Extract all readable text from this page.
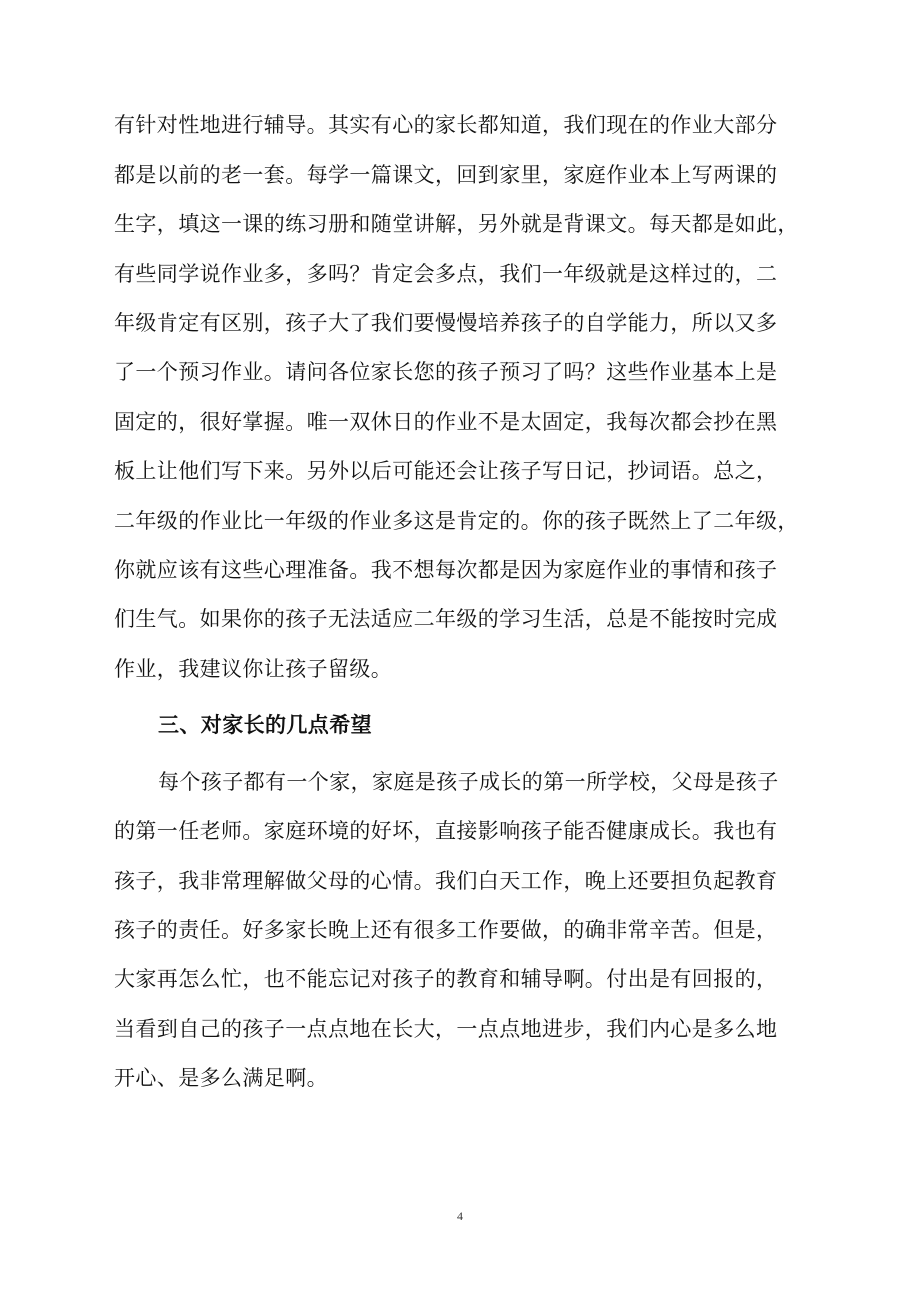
有针对性地进行辅导。其实有心的家长都知道，我们现在的作业大部分
都是以前的老一套。每学一篇课文，回到家里，家庭作业本上写两课的
生字，填这一课的练习册和随堂讲解，另外就是背课文。每天都是如此，
有些同学说作业多，多吗？肯定会多点，我们一年级就是这样过的，二
年级肯定有区别，孩子大了我们要慢慢培养孩子的自学能力，所以又多
了一个预习作业。请问各位家长您的孩子预习了吗？这些作业基本上是
固定的，很好掌握。唯一双休日的作业不是太固定，我每次都会抄在黑
板上让他们写下来。另外以后可能还会让孩子写日记，抄词语。总之，
二年级的作业比一年级的作业多这是肯定的。你的孩子既然上了二年级，
你就应该有这些心理准备。我不想每次都是因为家庭作业的事情和孩子
们生气。如果你的孩子无法适应二年级的学习生活，总是不能按时完成
作业，我建议你让孩子留级。
三、对家长的几点希望
每个孩子都有一个家，家庭是孩子成长的第一所学校，父母是孩子
的第一任老师。家庭环境的好坏，直接影响孩子能否健康成长。我也有
孩子，我非常理解做父母的心情。我们白天工作，晚上还要担负起教育
孩子的责任。好多家长晚上还有很多工作要做，的确非常辛苦。但是，
大家再怎么忙，也不能忘记对孩子的教育和辅导啊。付出是有回报的，
当看到自己的孩子一点点地在长大，一点点地进步，我们内心是多么地
开心、是多么满足啊。
4
